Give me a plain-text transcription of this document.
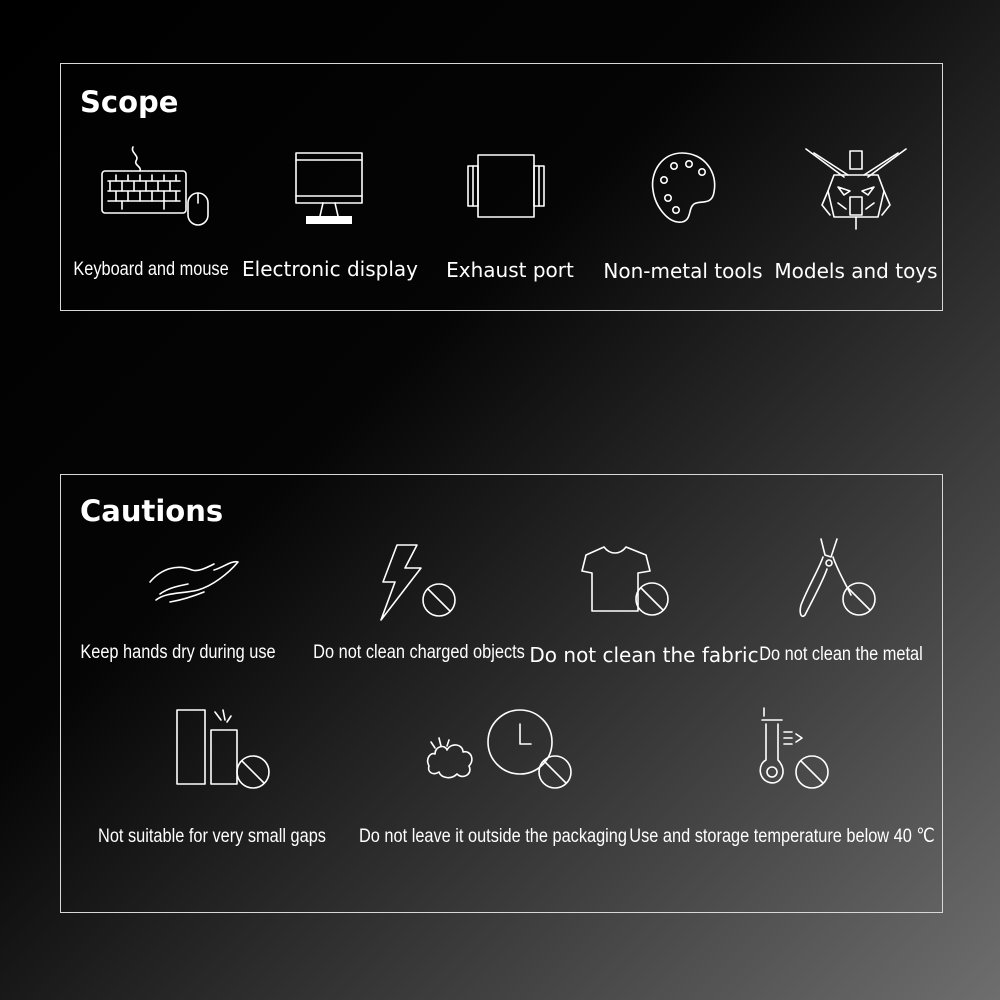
Scope
Keyboard and mouse Electronic display Exhaust port Non-metal tools Models and toys
Cautions
Keep hands dry during use Do not clean charged objects Do not clean the fabric Do not clean the metal
Not suitable for very small gaps Do not leave it outside the packaging Use and storage temperature below 40 ℃
